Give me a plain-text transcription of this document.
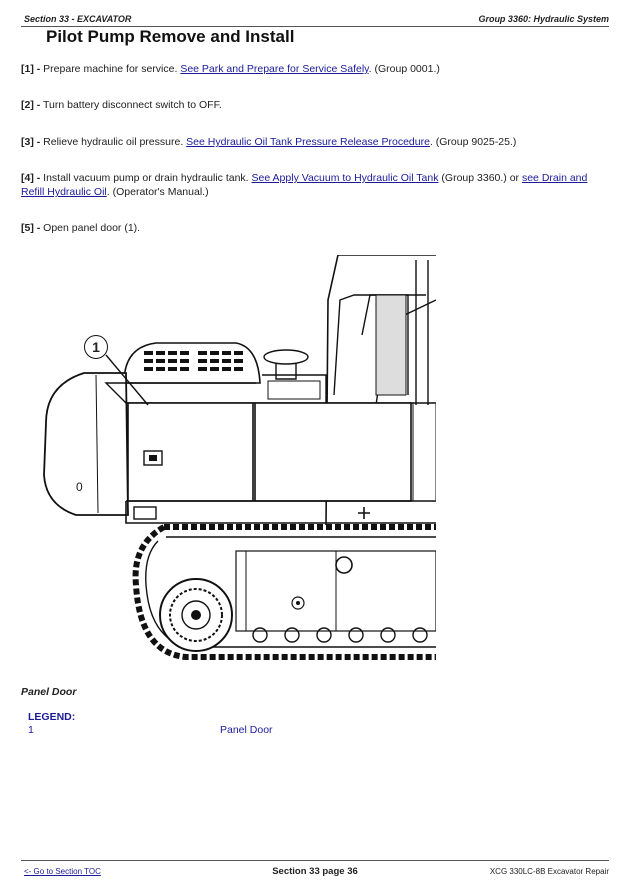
Section 33 - EXCAVATOR	Group 3360: Hydraulic System
Pilot Pump Remove and Install
[1] - Prepare machine for service. See Park and Prepare for Service Safely. (Group 0001.)
[2] - Turn battery disconnect switch to OFF.
[3] - Relieve hydraulic oil pressure. See Hydraulic Oil Tank Pressure Release Procedure. (Group 9025-25.)
[4] - Install vacuum pump or drain hydraulic tank. See Apply Vacuum to Hydraulic Oil Tank (Group 3360.) or see Drain and Refill Hydraulic Oil. (Operator's Manual.)
[5] - Open panel door (1).
1
0
Panel Door
LEGEND:
1	Panel Door
<- Go to Section TOC	Section 33 page 36	XCG 330LC-8B Excavator Repair
